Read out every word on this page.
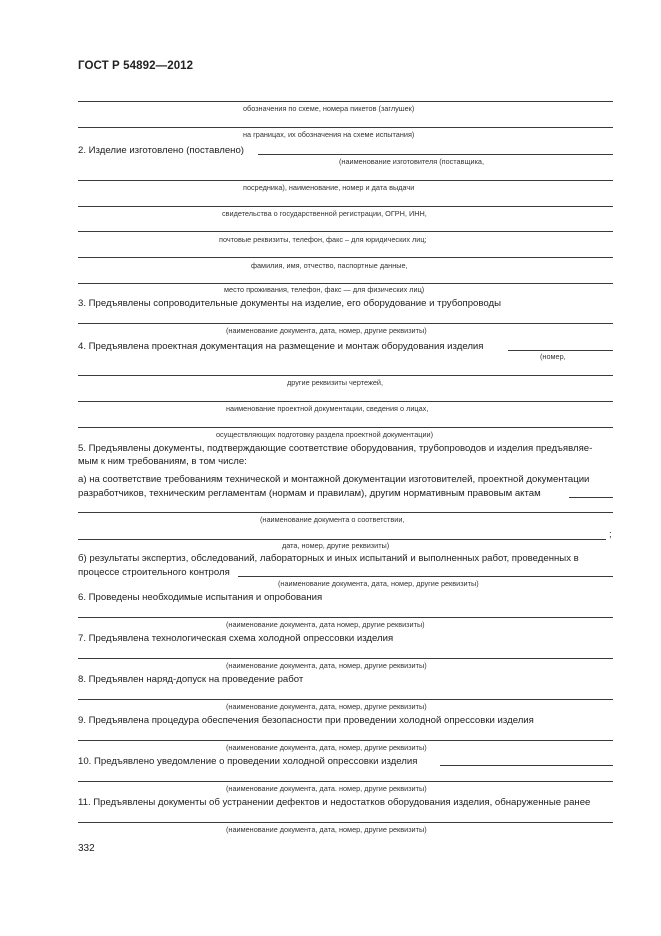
ГОСТ Р 54892—2012
обозначения по схеме, номера пикетов (заглушек)
на границах, их обозначения на схеме испытания)
2. Изделие изготовлено (поставлено)
(наименование изготовителя (поставщика,
посредника), наименование, номер и дата выдачи
свидетельства о государственной регистрации, ОГРН, ИНН,
почтовые реквизиты, телефон, факс – для юридических лиц;
фамилия, имя, отчество, паспортные данные,
место проживания, телефон, факс — для физических лиц)
3. Предъявлены сопроводительные документы на изделие, его оборудование и трубопроводы
(наименование документа, дата, номер, другие реквизиты)
4. Предъявлена проектная документация на размещение и монтаж оборудования изделия
(номер,
другие реквизиты чертежей,
наименование проектной документации, сведения о лицах,
осуществляющих подготовку раздела проектной документации)
5. Предъявлены документы, подтверждающие соответствие оборудования, трубопроводов и изделия предъявляе-
мым к ним требованиям, в том числе:
а) на соответствие требованиям технической и монтажной документации изготовителей, проектной документации
разработчиков, техническим регламентам (нормам и правилам), другим нормативным правовым актам
(наименование документа о соответствии,
;
дата, номер, другие реквизиты)
б) результаты экспертиз, обследований, лабораторных и иных испытаний и выполненных работ, проведенных в
процессе строительного контроля
(наименование документа, дата, номер, другие реквизиты)
6. Проведены необходимые испытания и опробования
(наименование документа, дата номер, другие реквизиты)
7. Предъявлена технологическая схема холодной опрессовки изделия
(наименование документа, дата, номер, другие реквизиты)
8. Предъявлен наряд-допуск на проведение работ
(наименование документа, дата, номер, другие реквизиты)
9. Предъявлена процедура обеспечения безопасности при проведении холодной опрессовки изделия
(наименование документа, дата, номер, другие реквизиты)
10. Предъявлено уведомление о проведении холодной опрессовки изделия
(наименование документа, дата. номер, другие реквизиты)
11. Предъявлены документы об устранении дефектов и недостатков оборудования изделия, обнаруженные ранее
(наименование документа, дата, номер, другие реквизиты)
332
